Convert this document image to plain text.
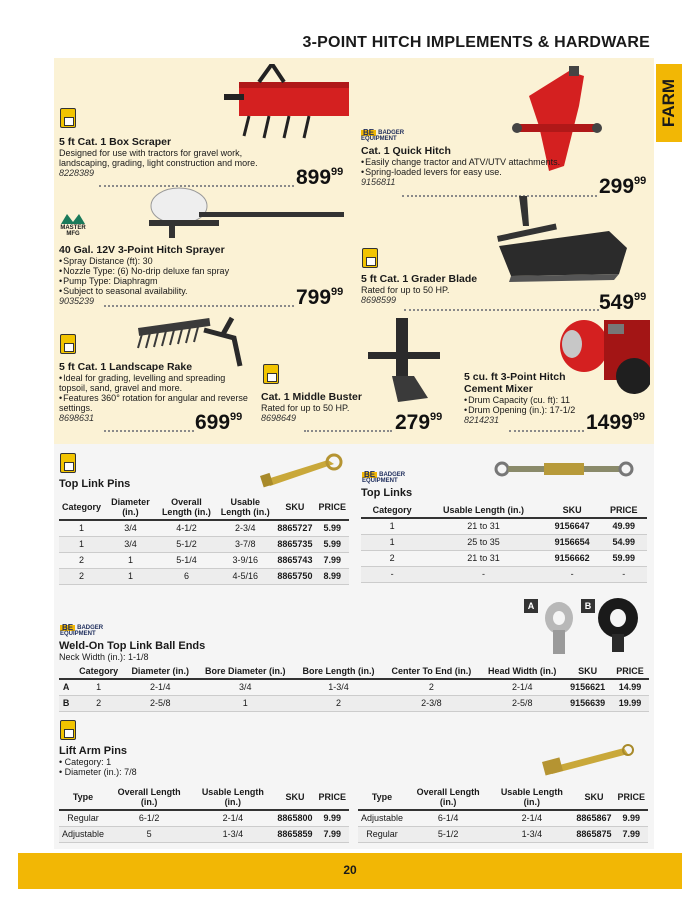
3-POINT HITCH IMPLEMENTS & HARDWARE
FARM
5 ft Cat. 1 Box Scraper
Designed for use with tractors for gravel work, landscaping, grading, light construction and more.
8228389	$899^{99}$
BE BADGER
EQUIPMENT
Cat. 1 Quick Hitch
• Easily change tractor and ATV/UTV attachments.
• Spring-loaded levers for easy use.
9156811	$299^{99}$
MASTER MFG
40 Gal. 12V 3-Point Hitch Sprayer
• Spray Distance (ft): 30
• Nozzle Type: (6) No-drip deluxe fan spray
• Pump Type: Diaphragm
• Subject to seasonal availability.
9035239	$799^{99}$
5 ft Cat. 1 Grader Blade
Rated for up to 50 HP.
8698599	$549^{99}$
5 ft Cat. 1 Landscape Rake
• Ideal for grading, levelling and spreading topsoil, sand, gravel and more.
• Features 360° rotation for angular and reverse settings.
8698631	$699^{99}$
Cat. 1 Middle Buster
Rated for up to 50 HP.
8698649	$279^{99}$
5 cu. ft 3-Point Hitch Cement Mixer
• Drum Capacity (cu. ft): 11
• Drum Opening (in.): 17-1/2
8214231	1499$^{99}$
Top Link Pins
Category	Diameter (in.)	Overall Length (in.)	Usable Length (in.)	SKU	PRICE
1	3/4	4-1/2	2-3/4	8865727	5.99
1	3/4	5-1/2	3-7/8	8865735	5.99
2	1	5-1/4	3-9/16	8865743	7.99
2	1	6	4-5/16	8865750	8.99
BE BADGER
EQUIPMENT
Top Links
Category	Usable Length (in.)	SKU	PRICE
1	21 to 31	9156647	49.99
1	25 to 35	9156654	54.99
2	21 to 31	9156662	59.99
-	-	-	-
A	B
BE BADGER
EQUIPMENT
Weld-On Top Link Ball Ends
Neck Width (in.): 1-1/8
	Category	Diameter (in.)	Bore Diameter (in.)	Bore Length (in.)	Center To End (in.)	Head Width (in.)	SKU	PRICE
A	1	2-1/4	3/4	1-3/4	2	2-1/4	9156621	14.99
B	2	2-5/8	1	2	2-3/8	2-5/8	9156639	19.99
Lift Arm Pins
• Category: 1
• Diameter (in.): 7/8
Type	Overall Length (in.)	Usable Length (in.)	SKU	PRICE
Regular	6-1/2	2-1/4	8865800	9.99
Adjustable	5	1-3/4	8865859	7.99
Type	Overall Length (in.)	Usable Length (in.)	SKU	PRICE
Adjustable	6-1/4	2-1/4	8865867	9.99
Regular	5-1/2	1-3/4	8865875	7.99
20
